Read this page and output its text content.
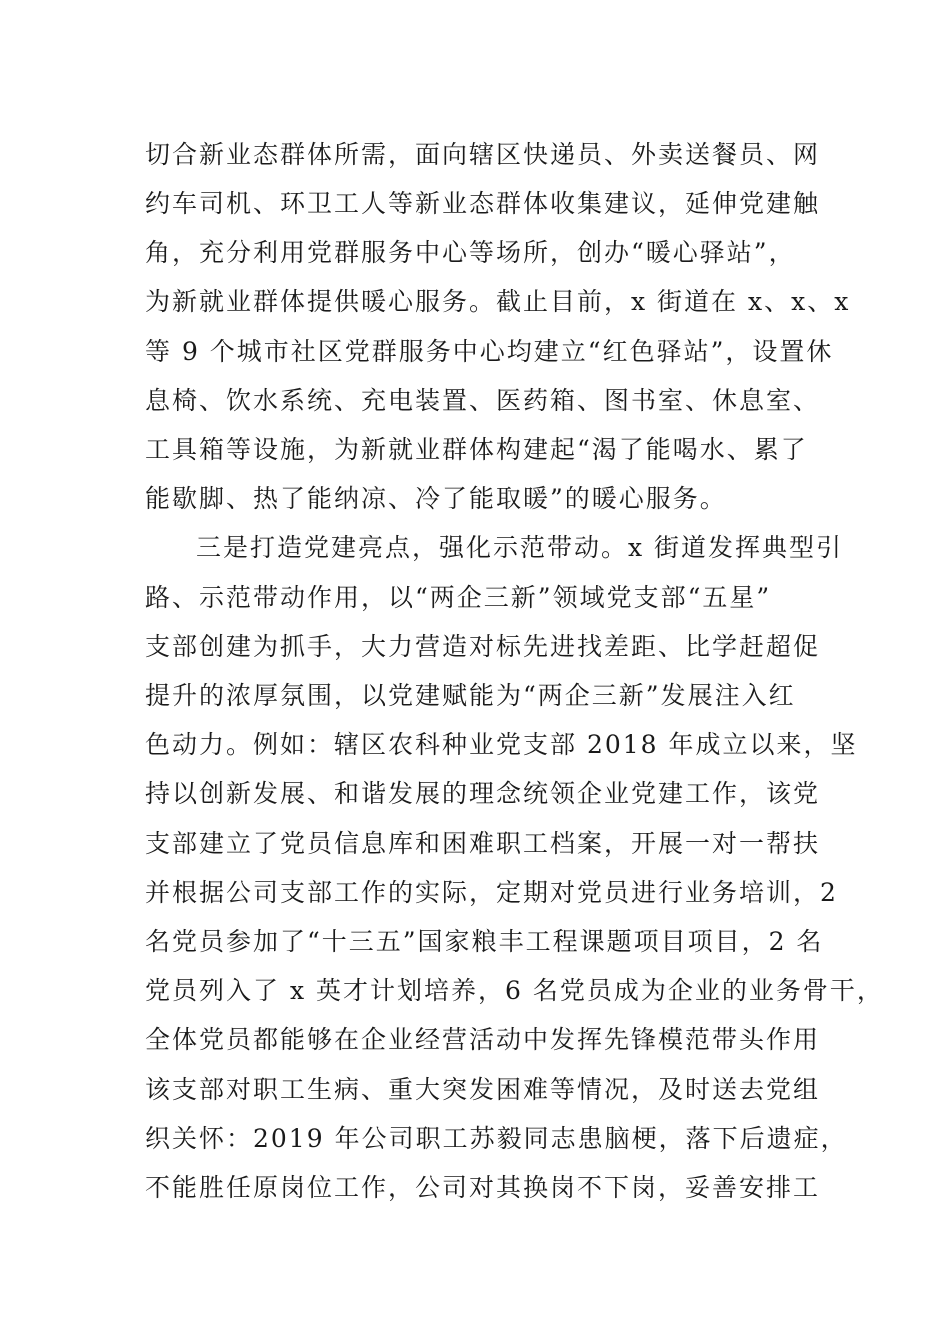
切合新业态群体所需，面向辖区快递员、外卖送餐员、网
约车司机、环卫工人等新业态群体收集建议，延伸党建触
角，充分利用党群服务中心等场所，创办“暖心驿站”，
为新就业群体提供暖心服务。截止目前，x 街道在 x、x、x
等 9 个城市社区党群服务中心均建立“红色驿站”，设置休
息椅、饮水系统、充电装置、医药箱、图书室、休息室、
工具箱等设施，为新就业群体构建起“渴了能喝水、累了
能歇脚、热了能纳凉、冷了能取暖”的暖心服务。
三是打造党建亮点，强化示范带动。x 街道发挥典型引
路、示范带动作用，以“两企三新”领域党支部“五星”
支部创建为抓手，大力营造对标先进找差距、比学赶超促
提升的浓厚氛围，以党建赋能为“两企三新”发展注入红
色动力。例如：辖区农科种业党支部 2018 年成立以来，坚
持以创新发展、和谐发展的理念统领企业党建工作，该党
支部建立了党员信息库和困难职工档案，开展一对一帮扶
并根据公司支部工作的实际，定期对党员进行业务培训，2
名党员参加了“十三五”国家粮丰工程课题项目项目，2 名
党员列入了 x 英才计划培养，6 名党员成为企业的业务骨干，
全体党员都能够在企业经营活动中发挥先锋模范带头作用
该支部对职工生病、重大突发困难等情况，及时送去党组
织关怀：2019 年公司职工苏毅同志患脑梗，落下后遗症，
不能胜任原岗位工作，公司对其换岗不下岗，妥善安排工
